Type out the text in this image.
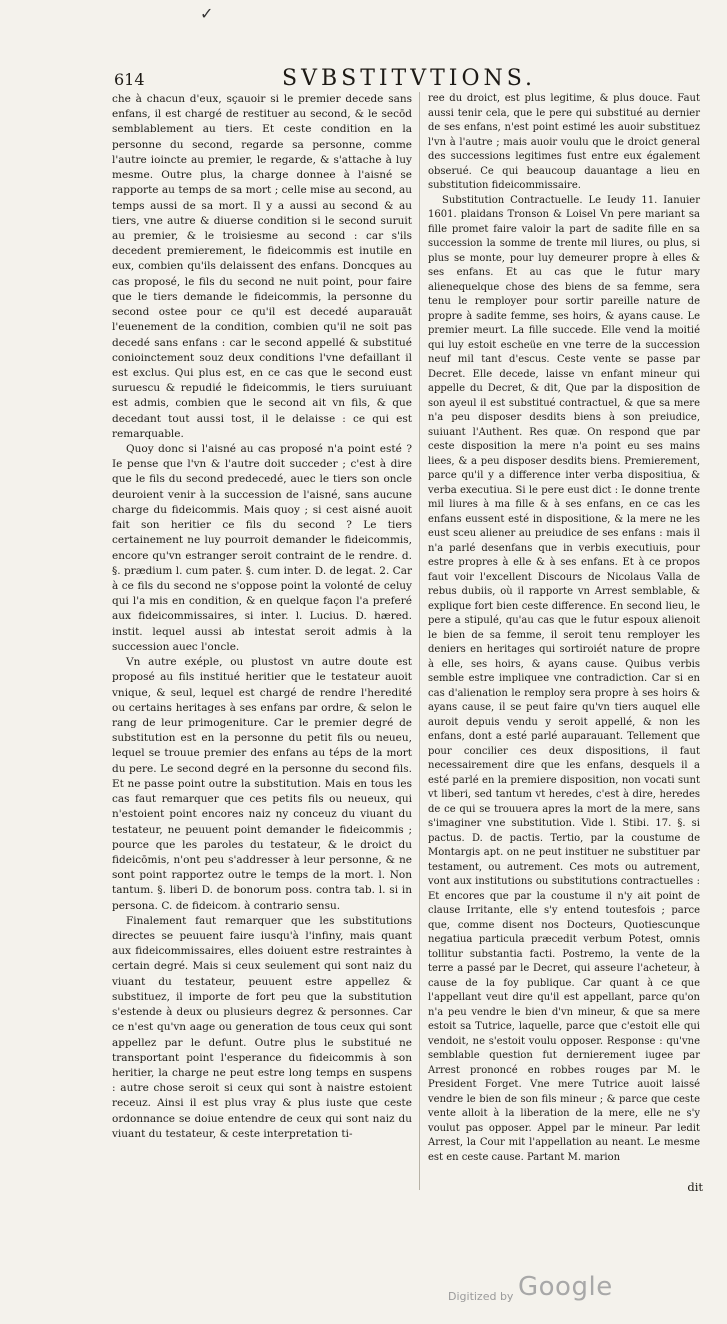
✓
614	SVBSTITVTIONS.

che à chacun d'eux, sçauoir si le premier decede sans enfans, il est chargé de restituer au second, & le secōd semblablement au tiers. Et ceste condition en la personne du second, regarde sa personne, comme l'autre ioincte au premier, le regarde, & s'attache à luy mesme. Outre plus, la charge donnee à l'aisné se rapporte au temps de sa mort ; celle mise au second, au temps aussi de sa mort. Il y a aussi au second & au tiers, vne autre & diuerse condition si le second suruit au premier, & le troisiesme au second : car s'ils decedent premierement, le fideicommis est inutile en eux, combien qu'ils delaissent des enfans. Doncques au cas proposé, le fils du second ne nuit point, pour faire que le tiers demande le fideicommis, la personne du second ostee pour ce qu'il est decedé auparauāt l'euenement de la condition, combien qu'il ne soit pas decedé sans enfans : car le second appellé & substitué conioinctement souz deux conditions l'vne defaillant il est exclus. Qui plus est, en ce cas que le second eust suruescu & repudié le fideicommis, le tiers suruiuant est admis, combien que le second ait vn fils, & que decedant tout aussi tost, il le delaisse : ce qui est remarquable.

Quoy donc si l'aisné au cas proposé n'a point esté ? Ie pense que l'vn & l'autre doit succeder ; c'est à dire que le fils du second predecedé, auec le tiers son oncle deuroient venir à la succession de l'aisné, sans aucune charge du fideicommis. Mais quoy ; si cest aisné auoit fait son heritier ce fils du second ? Le tiers certainement ne luy pourroit demander le fideicommis, encore qu'vn estranger seroit contraint de le rendre. d. §. prædium l. cum pater. §. cum inter. D. de legat. 2. Car à ce fils du second ne s'oppose point la volonté de celuy qui l'a mis en condition, & en quelque façon l'a preferé aux fideicommissaires, si inter. l. Lucius. D. hæred. instit. lequel aussi ab intestat seroit admis à la succession auec l'oncle.

Vn autre exéple, ou plustost vn autre doute est proposé au fils institué heritier que le testateur auoit vnique, & seul, lequel est chargé de rendre l'heredité ou certains heritages à ses enfans par ordre, & selon le rang de leur primogeniture. Car le premier degré de substitution est en la personne du petit fils ou neueu, lequel se trouue premier des enfans au téps de la mort du pere. Le second degré en la personne du second fils. Et ne passe point outre la substitution. Mais en tous les cas faut remarquer que ces petits fils ou neueux, qui n'estoient point encores naiz ny conceuz du viuant du testateur, ne peuuent point demander le fideicommis ; pource que les paroles du testateur, & le droict du fideicōmis, n'ont peu s'addresser à leur personne, & ne sont point rapportez outre le temps de la mort. l. Non tantum. §. liberi D. de bonorum poss. contra tab. l. si in persona. C. de fideicom. à contrario sensu.

Finalement faut remarquer que les substitutions directes se peuuent faire iusqu'à l'infiny, mais quant aux fideicommissaires, elles doiuent estre restraintes à certain degré. Mais si ceux seulement qui sont naiz du viuant du testateur, peuuent estre appellez & substituez, il importe de fort peu que la substitution s'estende à deux ou plusieurs degrez & personnes. Car ce n'est qu'vn aage ou generation de tous ceux qui sont appellez par le defunt. Outre plus le substitué ne transportant point l'esperance du fideicommis à son heritier, la charge ne peut estre long temps en suspens : autre chose seroit si ceux qui sont à naistre estoient receuz. Ainsi il est plus vray & plus iuste que ceste ordonnance se doiue entendre de ceux qui sont naiz du viuant du testateur, & ceste interpretation ti-

ree du droict, est plus legitime, & plus douce. Faut aussi tenir cela, que le pere qui substitué au dernier de ses enfans, n'est point estimé les auoir substituez l'vn à l'autre ; mais auoir voulu que le droict general des successions legitimes fust entre eux également obserué. Ce qui beaucoup dauantage a lieu en substitution fideicommissaire.

Substitution Contractuelle. Le Ieudy 11. Ianuier 1601. plaidans Tronson & Loisel Vn pere mariant sa fille promet faire valoir la part de sadite fille en sa succession la somme de trente mil liures, ou plus, si plus se monte, pour luy demeurer propre à elles & ses enfans. Et au cas que le futur mary alienequelque chose des biens de sa femme, sera tenu le remployer pour sortir pareille nature de propre à sadite femme, ses hoirs, & ayans cause. Le premier meurt. La fille succede. Elle vend la moitié qui luy estoit escheüe en vne terre de la succession neuf mil tant d'escus. Ceste vente se passe par Decret. Elle decede, laisse vn enfant mineur qui appelle du Decret, & dit, Que par la disposition de son ayeul il est substitué contractuel, & que sa mere n'a peu disposer desdits biens à son preiudice, suiuant l'Authent. Res quæ. On respond que par ceste disposition la mere n'a point eu ses mains liees, & a peu disposer desdits biens. Premierement, parce qu'il y a difference inter verba dispositiua, & verba executiua. Si le pere eust dict : Ie donne trente mil liures à ma fille & à ses enfans, en ce cas les enfans eussent esté in dispositione, & la mere ne les eust sceu aliener au preiudice de ses enfans : mais il n'a parlé desenfans que in verbis executiuis, pour estre propres à elle & à ses enfans. Et à ce propos faut voir l'excellent Discours de Nicolaus Valla de rebus dubiis, où il rapporte vn Arrest semblable, & explique fort bien ceste difference. En second lieu, le pere a stipulé, qu'au cas que le futur espoux alienoit le bien de sa femme, il seroit tenu remployer les deniers en heritages qui sortiroiét nature de propre à elle, ses hoirs, & ayans cause. Quibus verbis semble estre impliquee vne contradiction. Car si en cas d'alienation le remploy sera propre à ses hoirs & ayans cause, il se peut faire qu'vn tiers auquel elle auroit depuis vendu y seroit appellé, & non les enfans, dont a esté parlé auparauant. Tellement que pour concilier ces deux dispositions, il faut necessairement dire que les enfans, desquels il a esté parlé en la premiere disposition, non vocati sunt vt liberi, sed tantum vt heredes, c'est à dire, heredes de ce qui se trouuera apres la mort de la mere, sans s'imaginer vne substitution. Vide l. Stibi. 17. §. si pactus. D. de pactis. Tertio, par la coustume de Montargis apt. on ne peut instituer ne substituer par testament, ou autrement. Ces mots ou autrement, vont aux institutions ou substitutions contractuelles : Et encores que par la coustume il n'y ait point de clause Irritante, elle s'y entend toutesfois ; parce que, comme disent nos Docteurs, Quotiescunque negatiua particula præcedit verbum Potest, omnis tollitur substantia facti. Postremo, la vente de la terre a passé par le Decret, qui asseure l'acheteur, à cause de la foy publique. Car quant à ce que l'appellant veut dire qu'il est appellant, parce qu'on n'a peu vendre le bien d'vn mineur, & que sa mere estoit sa Tutrice, laquelle, parce que c'estoit elle qui vendoit, ne s'estoit voulu opposer. Response : qu'vne semblable question fut dernierement iugee par Arrest prononcé en robbes rouges par M. le President Forget. Vne mere Tutrice auoit laissé vendre le bien de son fils mineur ; & parce que ceste vente alloit à la liberation de la mere, elle ne s'y voulut pas opposer. Appel par le mineur. Par ledit Arrest, la Cour mit l'appellation au neant. Le mesme est en ceste cause. Partant M. marion

dit
Digitized by Google
